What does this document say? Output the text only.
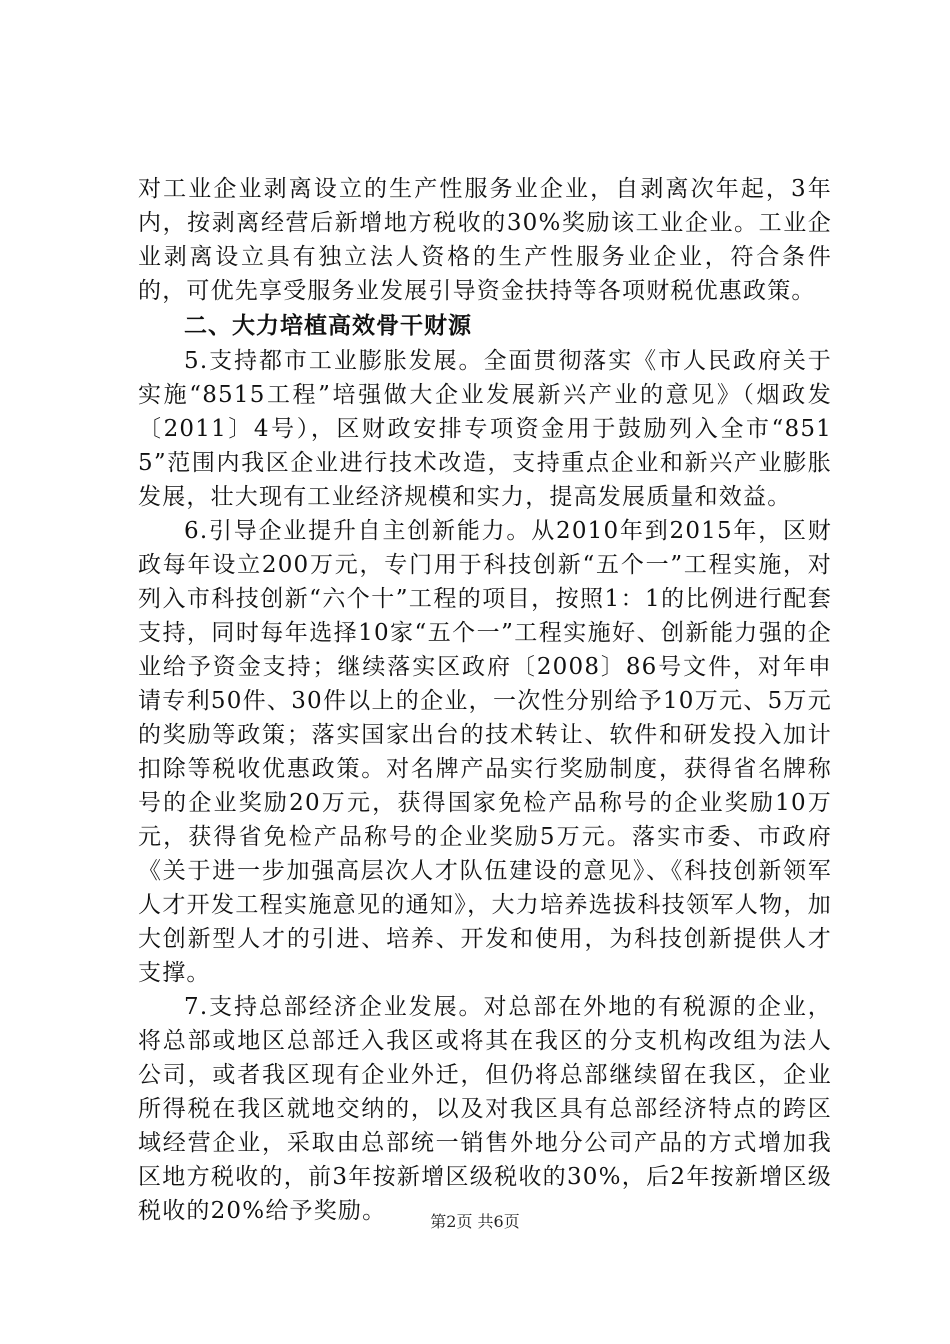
对工业企业剥离设立的生产性服务业企业，自剥离次年起，3年内，按剥离经营后新增地方税收的30%奖励该工业企业。工业企业剥离设立具有独立法人资格的生产性服务业企业，符合条件的，可优先享受服务业发展引导资金扶持等各项财税优惠政策。

二、大力培植高效骨干财源

5.支持都市工业膨胀发展。全面贯彻落实《市人民政府关于实施“8515工程”培强做大企业发展新兴产业的意见》（烟政发〔2011〕4号），区财政安排专项资金用于鼓励列入全市“8515”范围内我区企业进行技术改造，支持重点企业和新兴产业膨胀发展，壮大现有工业经济规模和实力，提高发展质量和效益。

6.引导企业提升自主创新能力。从2010年到2015年，区财政每年设立200万元，专门用于科技创新“五个一”工程实施，对列入市科技创新“六个十”工程的项目，按照1：1的比例进行配套支持，同时每年选择10家“五个一”工程实施好、创新能力强的企业给予资金支持；继续落实区政府〔2008〕86号文件，对年申请专利50件、30件以上的企业，一次性分别给予10万元、5万元的奖励等政策；落实国家出台的技术转让、软件和研发投入加计扣除等税收优惠政策。对名牌产品实行奖励制度，获得省名牌称号的企业奖励20万元，获得国家免检产品称号的企业奖励10万元，获得省免检产品称号的企业奖励5万元。落实市委、市政府《关于进一步加强高层次人才队伍建设的意见》、《科技创新领军人才开发工程实施意见的通知》，大力培养选拔科技领军人物，加大创新型人才的引进、培养、开发和使用，为科技创新提供人才支撑。

7.支持总部经济企业发展。对总部在外地的有税源的企业，将总部或地区总部迁入我区或将其在我区的分支机构改组为法人公司，或者我区现有企业外迁，但仍将总部继续留在我区，企业所得税在我区就地交纳的，以及对我区具有总部经济特点的跨区域经营企业，采取由总部统一销售外地分公司产品的方式增加我区地方税收的，前3年按新增区级税收的30%，后2年按新增区级税收的20%给予奖励。	第2页 共6页
